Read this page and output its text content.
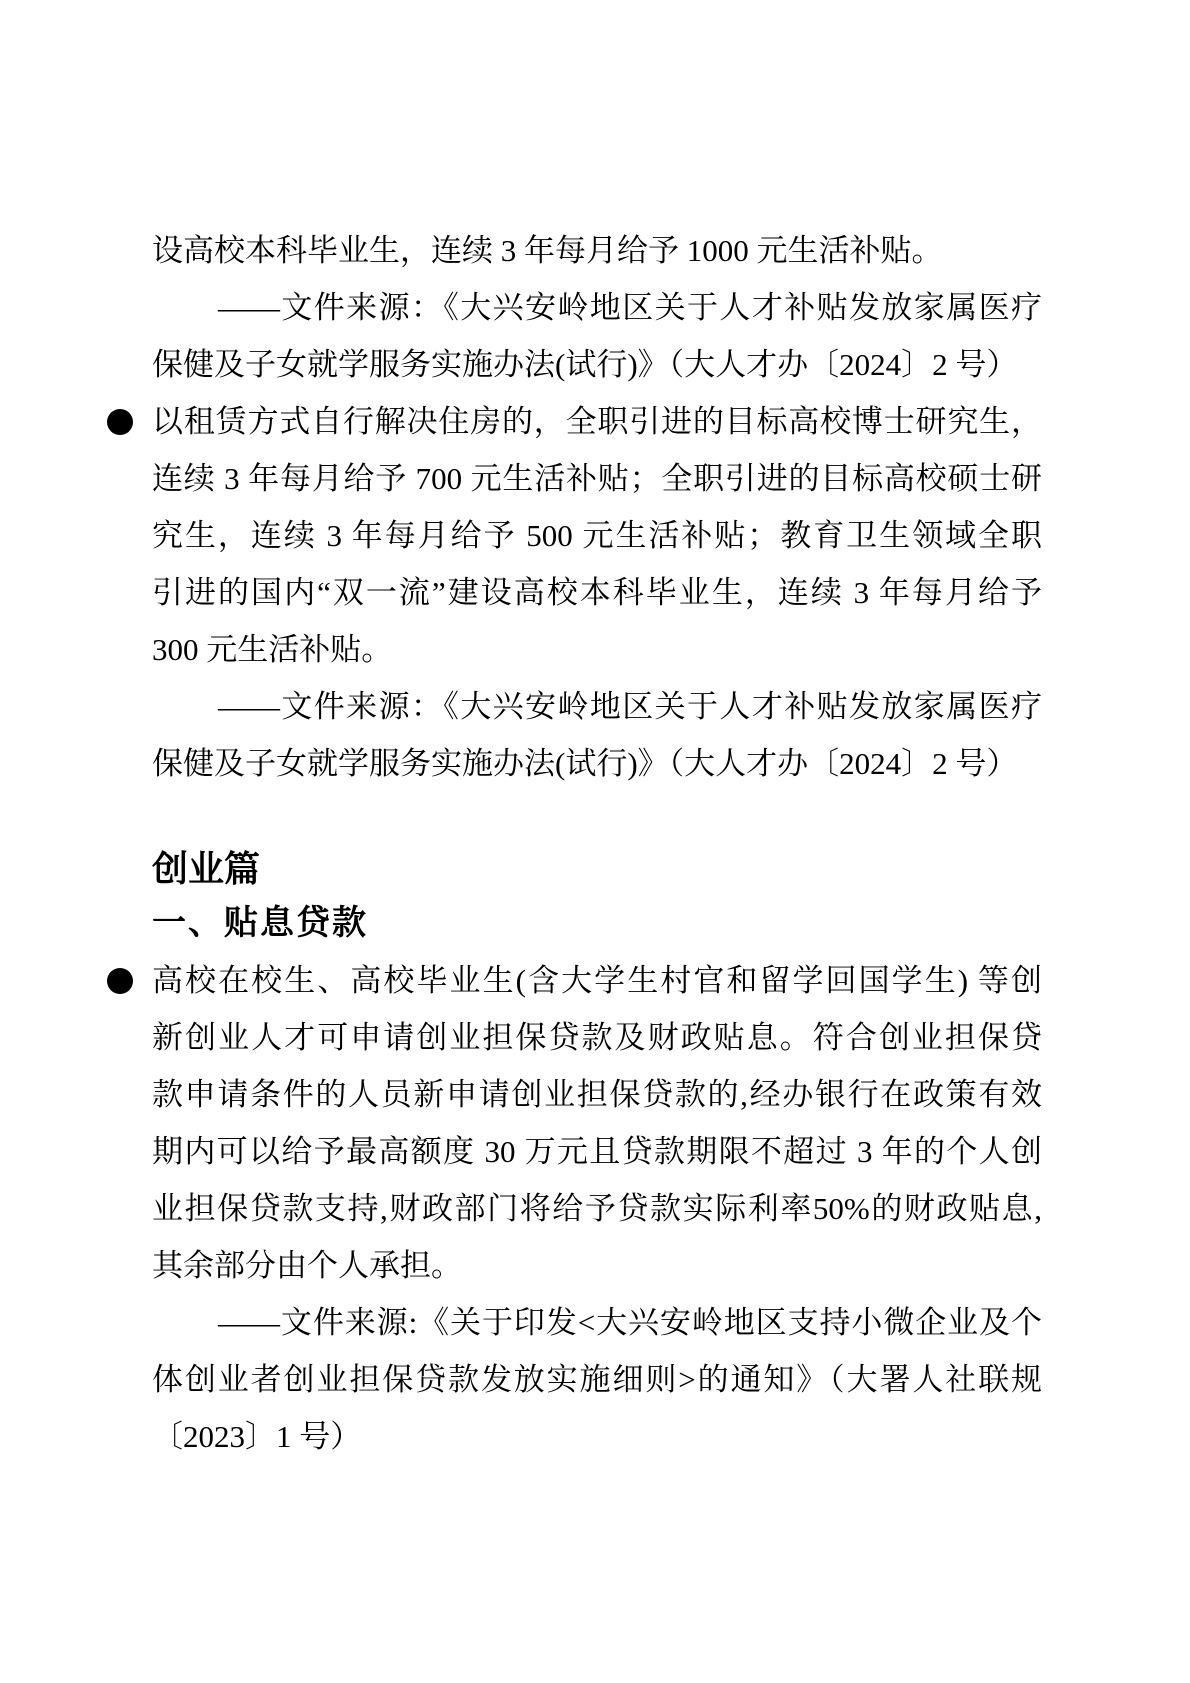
设高校本科毕业生，连续 3 年每月给予 1000 元生活补贴。
——文件来源：《大兴安岭地区关于人才补贴发放家属医疗
保健及子女就学服务实施办法(试行)》（大人才办〔2024〕2 号）
以租赁方式自行解决住房的，全职引进的目标高校博士研究生，
连续 3 年每月给予 700 元生活补贴；全职引进的目标高校硕士研
究生，连续 3 年每月给予 500 元生活补贴；教育卫生领域全职
引进的国内“双一流”建设高校本科毕业生，连续 3 年每月给予
300 元生活补贴。
——文件来源：《大兴安岭地区关于人才补贴发放家属医疗
保健及子女就学服务实施办法(试行)》（大人才办〔2024〕2 号）
创业篇
一、贴息贷款
高校在校生、高校毕业生(含大学生村官和留学回国学生) 等创
新创业人才可申请创业担保贷款及财政贴息。符合创业担保贷
款申请条件的人员新申请创业担保贷款的,经办银行在政策有效
期内可以给予最高额度 30 万元且贷款期限不超过 3 年的个人创
业担保贷款支持,财政部门将给予贷款实际利率50%的财政贴息,
其余部分由个人承担。
——文件来源:《关于印发<大兴安岭地区支持小微企业及个
体创业者创业担保贷款发放实施细则>的通知》（大署人社联规
〔2023〕1 号）
